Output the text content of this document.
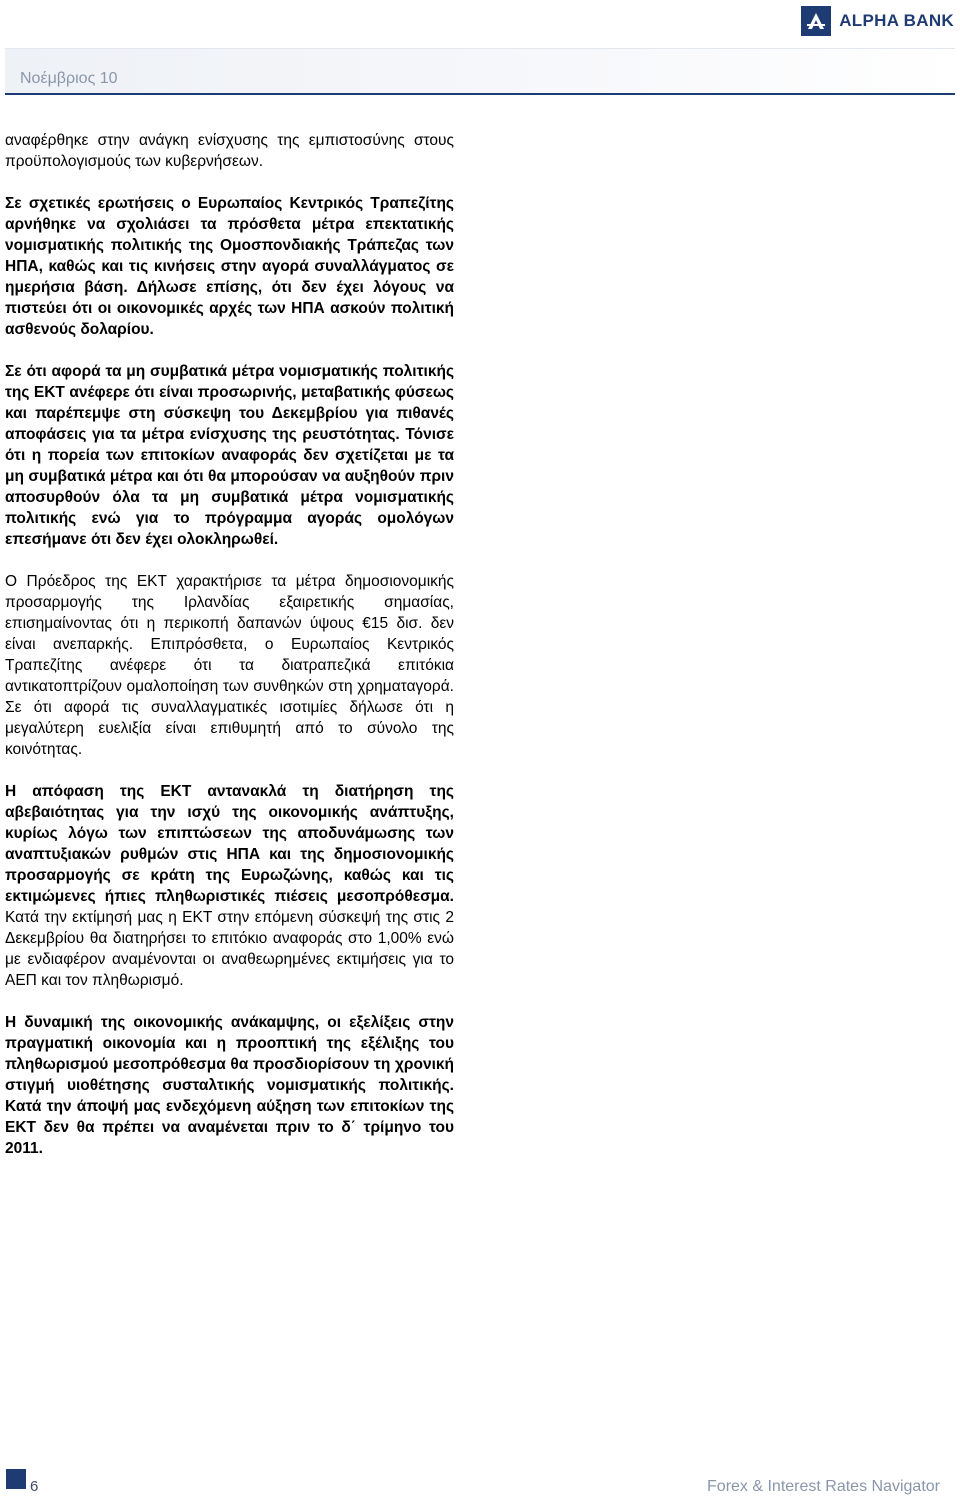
ALPHA BANK
Νοέμβριος 10

αναφέρθηκε στην ανάγκη ενίσχυσης της εμπιστοσύνης στους προϋπολογισμούς των κυβερνήσεων.

Σε σχετικές ερωτήσεις ο Ευρωπαίος Κεντρικός Τραπεζίτης αρνήθηκε να σχολιάσει τα πρόσθετα μέτρα επεκτατικής νομισματικής πολιτικής της Ομοσπονδιακής Τράπεζας των ΗΠΑ, καθώς και τις κινήσεις στην αγορά συναλλάγματος σε ημερήσια βάση. Δήλωσε επίσης, ότι δεν έχει λόγους να πιστεύει ότι οι οικονομικές αρχές των ΗΠΑ ασκούν πολιτική ασθενούς δολαρίου.

Σε ότι αφορά τα μη συμβατικά μέτρα νομισματικής πολιτικής της ΕΚΤ ανέφερε ότι είναι προσωρινής, μεταβατικής φύσεως και παρέπεμψε στη σύσκεψη του Δεκεμβρίου για πιθανές αποφάσεις για τα μέτρα ενίσχυσης της ρευστότητας. Τόνισε ότι η πορεία των επιτοκίων αναφοράς δεν σχετίζεται με τα μη συμβατικά μέτρα και ότι θα μπορούσαν να αυξηθούν πριν αποσυρθούν όλα τα μη συμβατικά μέτρα νομισματικής πολιτικής ενώ για το πρόγραμμα αγοράς ομολόγων επεσήμανε ότι δεν έχει ολοκληρωθεί.

Ο Πρόεδρος της ΕΚΤ χαρακτήρισε τα μέτρα δημοσιονομικής προσαρμογής της Ιρλανδίας εξαιρετικής σημασίας, επισημαίνοντας ότι η περικοπή δαπανών ύψους €15 δισ. δεν είναι ανεπαρκής. Επιπρόσθετα, ο Ευρωπαίος Κεντρικός Τραπεζίτης ανέφερε ότι τα διατραπεζικά επιτόκια αντικατοπτρίζουν ομαλοποίηση των συνθηκών στη χρηματαγορά. Σε ότι αφορά τις συναλλαγματικές ισοτιμίες δήλωσε ότι η μεγαλύτερη ευελιξία είναι επιθυμητή από το σύνολο της κοινότητας.

Η απόφαση της ΕΚΤ αντανακλά τη διατήρηση της αβεβαιότητας για την ισχύ της οικονομικής ανάπτυξης, κυρίως λόγω των επιπτώσεων της αποδυνάμωσης των αναπτυξιακών ρυθμών στις ΗΠΑ και της δημοσιονομικής προσαρμογής σε κράτη της Ευρωζώνης, καθώς και τις εκτιμώμενες ήπιες πληθωριστικές πιέσεις μεσοπρόθεσμα. Κατά την εκτίμησή μας η ΕΚΤ στην επόμενη σύσκεψή της στις 2 Δεκεμβρίου θα διατηρήσει το επιτόκιο αναφοράς στο 1,00% ενώ με ενδιαφέρον αναμένονται οι αναθεωρημένες εκτιμήσεις για το ΑΕΠ και τον πληθωρισμό.

Η δυναμική της οικονομικής ανάκαμψης, οι εξελίξεις στην πραγματική οικονομία και η προοπτική της εξέλιξης του πληθωρισμού μεσοπρόθεσμα θα προσδιορίσουν τη χρονική στιγμή υιοθέτησης συσταλτικής νομισματικής πολιτικής. Κατά την άποψή μας ενδεχόμενη αύξηση των επιτοκίων της ΕΚΤ δεν θα πρέπει να αναμένεται πριν το δ΄ τρίμηνο του 2011.

6	Forex & Interest Rates Navigator
